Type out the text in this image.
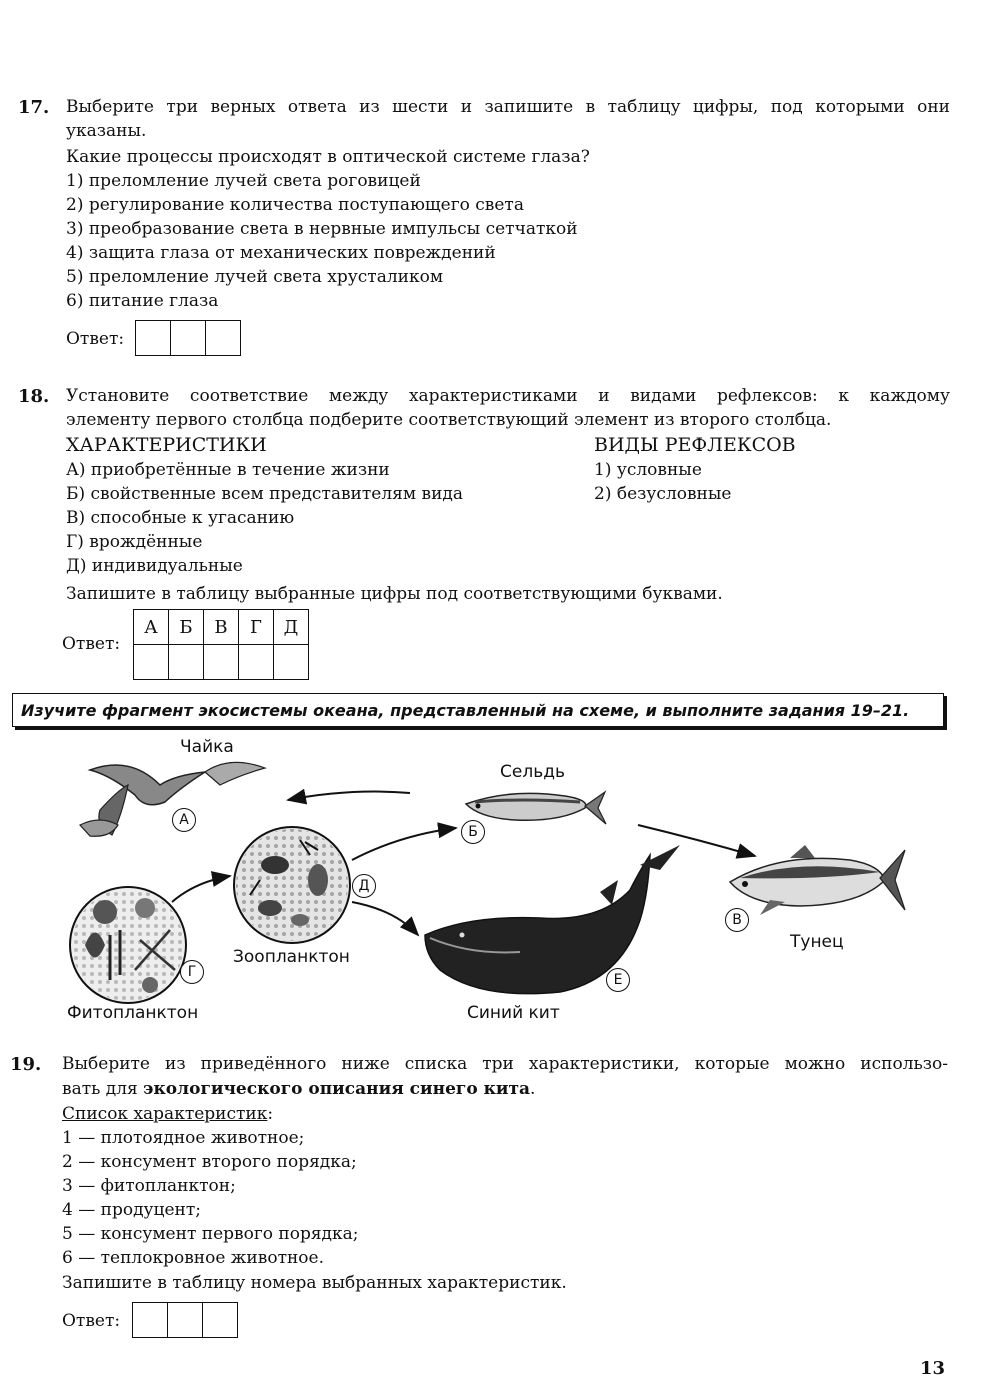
17. Выберите три верных ответа из шести и запишите в таблицу цифры, под которыми они
указаны.
Какие процессы происходят в оптической системе глаза?
1) преломление лучей света роговицей
2) регулирование количества поступающего света
3) преобразование света в нервные импульсы сетчаткой
4) защита глаза от механических повреждений
5) преломление лучей света хрусталиком
6) питание глаза
Ответ:

18. Установите соответствие между характеристиками и видами рефлексов: к каждому
элементу первого столбца подберите соответствующий элемент из второго столбца.
ХАРАКТЕРИСТИКИ	ВИДЫ РЕФЛЕКСОВ
А) приобретённые в течение жизни
Б) свойственные всем представителям вида
В) способные к угасанию
Г) врождённые
Д) индивидуальные
1) условные
2) безусловные
Запишите в таблицу выбранные цифры под соответствующими буквами.
Ответ:
А	Б	В	Г	Д

Изучите фрагмент экосистемы океана, представленный на схеме, и выполните задания 19–21.
Чайка
Сельдь
Тунец
Зоопланктон
Фитопланктон	Синий кит
А
Б
В
Г
Д
Е
19. Выберите из приведённого ниже списка три характеристики, которые можно использо-
вать для экологического описания синего кита.
Список характеристик:
1 — плотоядное животное;
2 — консумент второго порядка;
3 — фитопланктон;
4 — продуцент;
5 — консумент первого порядка;
6 — теплокровное животное.
Запишите в таблицу номера выбранных характеристик.
Ответ:

13
